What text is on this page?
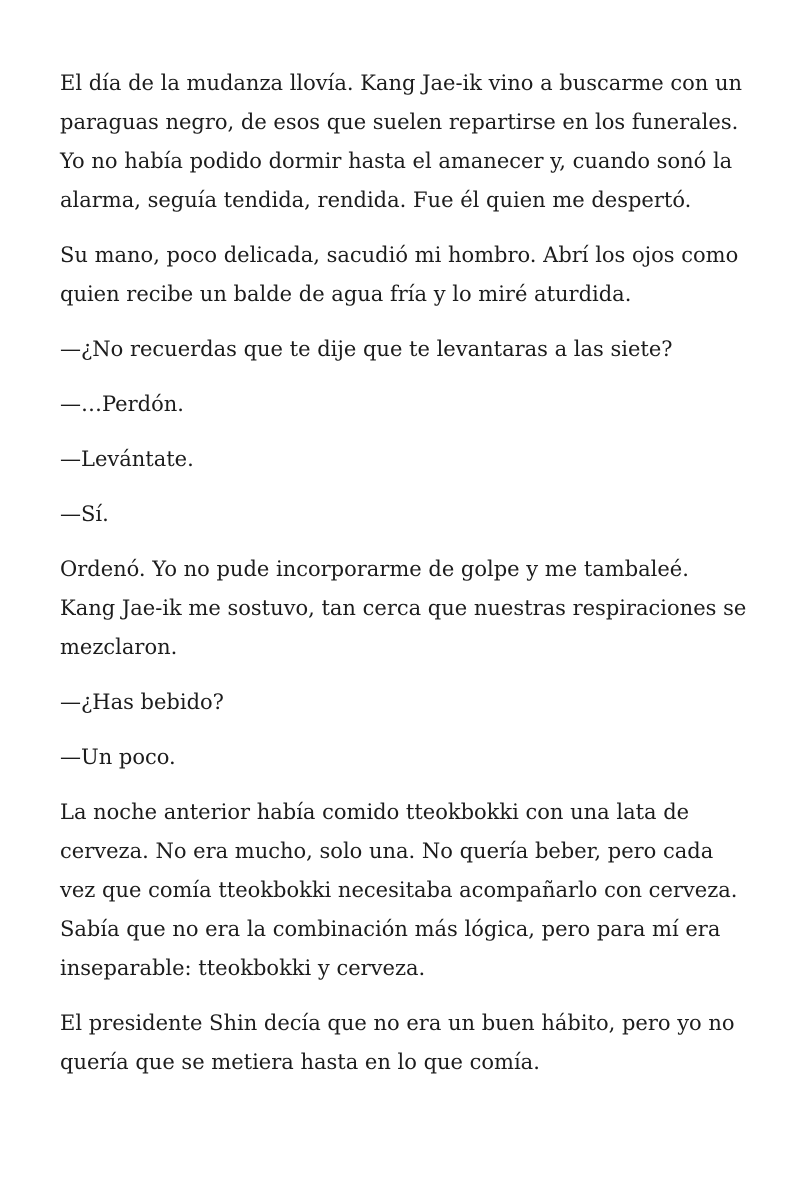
El día de la mudanza llovía. Kang Jae-ik vino a buscarme con un paraguas negro, de esos que suelen repartirse en los funerales. Yo no había podido dormir hasta el amanecer y, cuando sonó la alarma, seguía tendida, rendida. Fue él quien me despertó.

Su mano, poco delicada, sacudió mi hombro. Abrí los ojos como quien recibe un balde de agua fría y lo miré aturdida.

—¿No recuerdas que te dije que te levantaras a las siete?

—…Perdón.

—Levántate.

—Sí.

Ordenó. Yo no pude incorporarme de golpe y me tambaleé. Kang Jae-ik me sostuvo, tan cerca que nuestras respiraciones se mezclaron.

—¿Has bebido?

—Un poco.

La noche anterior había comido tteokbokki con una lata de cerveza. No era mucho, solo una. No quería beber, pero cada vez que comía tteokbokki necesitaba acompañarlo con cerveza. Sabía que no era la combinación más lógica, pero para mí era inseparable: tteokbokki y cerveza.

El presidente Shin decía que no era un buen hábito, pero yo no quería que se metiera hasta en lo que comía.
